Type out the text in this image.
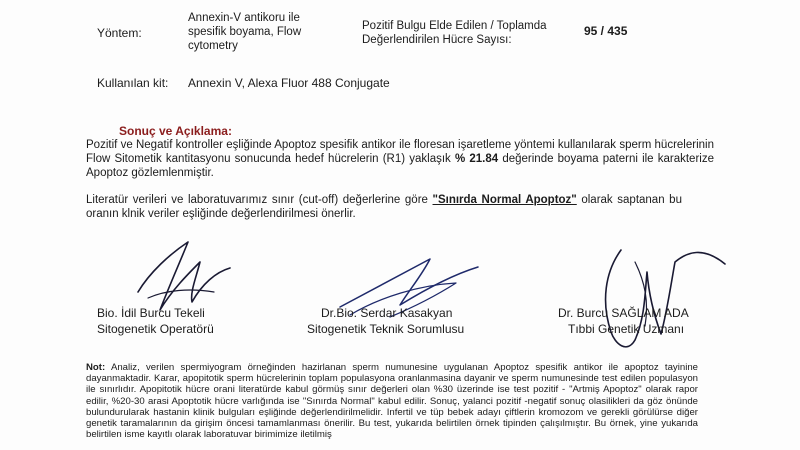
Yöntem:
Annexin-V antikoru ile
spesifik boyama, Flow
cytometry
Pozitif Bulgu Elde Edilen / Toplamda
Değerlendirilen Hücre Sayısı:
95 / 435
Kullanılan kit: Annexin V, Alexa Fluor 488 Conjugate
Sonuç ve Açıklama:
Pozitif ve Negatif kontroller eşliğinde Apoptoz spesifik antikor ile floresan işaretleme yöntemi kullanılarak sperm hücrelerinin Flow Sitometik kantitasyonu sonucunda hedef hücrelerin (R1) yaklaşık % 21.84 değerinde boyama paterni ile karakterize Apoptoz gözlemlenmiştir.
Literatür verileri ve laboratuvarımız sınır (cut-off) değerlerine göre "Sınırda Normal Apoptoz" olarak saptanan bu oranın klnik veriler eşliğinde değerlendirilmesi önerlir.
Bio. İdil Burcu Tekeli
Sitogenetik Operatörü
Dr.Bio. Serdar Kasakyan
Sitogenetik Teknik Sorumlusu
Dr. Burcu SAĞLAM ADA
Tıbbi Genetik Uzmanı
Not: Analiz, verilen spermiyogram örneğinden hazirlanan sperm numunesine uygulanan Apoptoz spesifik antikor ile apoptoz tayinine dayanmaktadir. Karar, apopitotik sperm hücrelerinin toplam populasyona oranlanmasina dayanir ve sperm numunesinde test edilen populasyon ile sınırlıdır. Apopitotik hücre orani literatürde kabul görmüş sınır değerleri olan %30 üzerinde ise test pozitif - "Artmiş Apoptoz" olarak rapor edilir, %20-30 arasi Apoptotik hücre varlığında ise "Sınırda Normal" kabul edilir. Sonuç, yalanci pozitif -negatif sonuç olasilikleri da göz önünde bulundurularak hastanin klinik bulguları eşliğinde değerlendirilmelidir. Infertil ve tüp bebek adayı çiftlerin kromozom ve gerekli görülürse diğer genetik taramalarının da girişim öncesi tamamlanması önerilir. Bu test, yukarıda belirtilen örnek tipinden çalışılmıştır. Bu örnek, yine yukarıda belirtilen isme kayıtlı olarak laboratuvar birimimize iletilmiş
